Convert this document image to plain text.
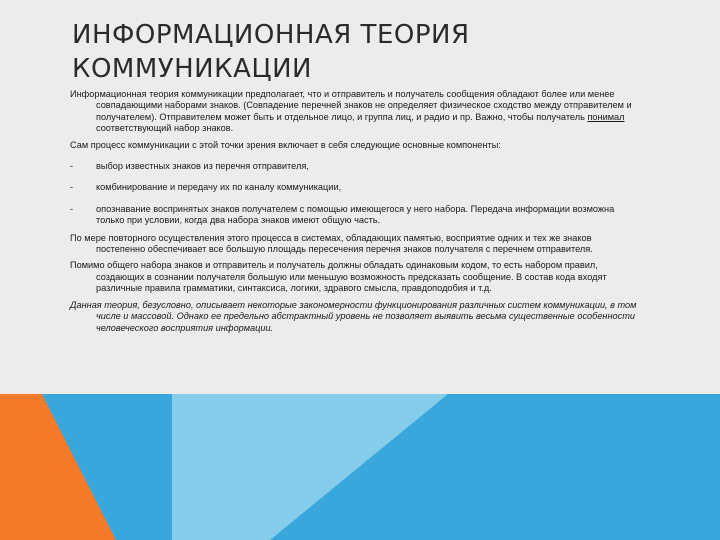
ИНФОРМАЦИОННАЯ ТЕОРИЯ
КОММУНИКАЦИИ

Информационная теория коммуникации предполагает, что и отправитель и получатель сообщения обладают более или менее совпадающими наборами знаков. (Совпадение перечней знаков не определяет физическое сходство между отправителем и получателем). Отправителем может быть и отдельное лицо, и группа лиц, и радио и пр. Важно, чтобы получатель понимал соответствующий набор знаков.

Сам процесс коммуникации с этой точки зрения включает в себя следующие основные компоненты:

-	выбор известных знаков из перечня отправителя,
-	комбинирование и передачу их по каналу коммуникации,
-	опознавание воспринятых знаков получателем с помощью имеющегося у него набора. Передача информации возможна только при условии, когда два набора знаков имеют общую часть.

По мере повторного осуществления этого процесса в системах, обладающих памятью, восприятие одних и тех же знаков постепенно обеспечивает все большую площадь пересечения перечня знаков получателя с перечнем отправителя.

Помимо общего набора знаков и отправитель и получатель должны обладать одинаковым кодом, то есть набором правил, создающих в сознании получателя большую или меньшую возможность предсказать сообщение. В состав кода входят различные правила грамматики, синтаксиса, логики, здравого смысла, правдоподобия и т.д.

Данная теория, безусловно, описывает некоторые закономерности функционирования различных систем коммуникации, в том числе и массовой. Однако ее предельно абстрактный уровень не позволяет выявить весьма существенные особенности человеческого восприятия информации.
